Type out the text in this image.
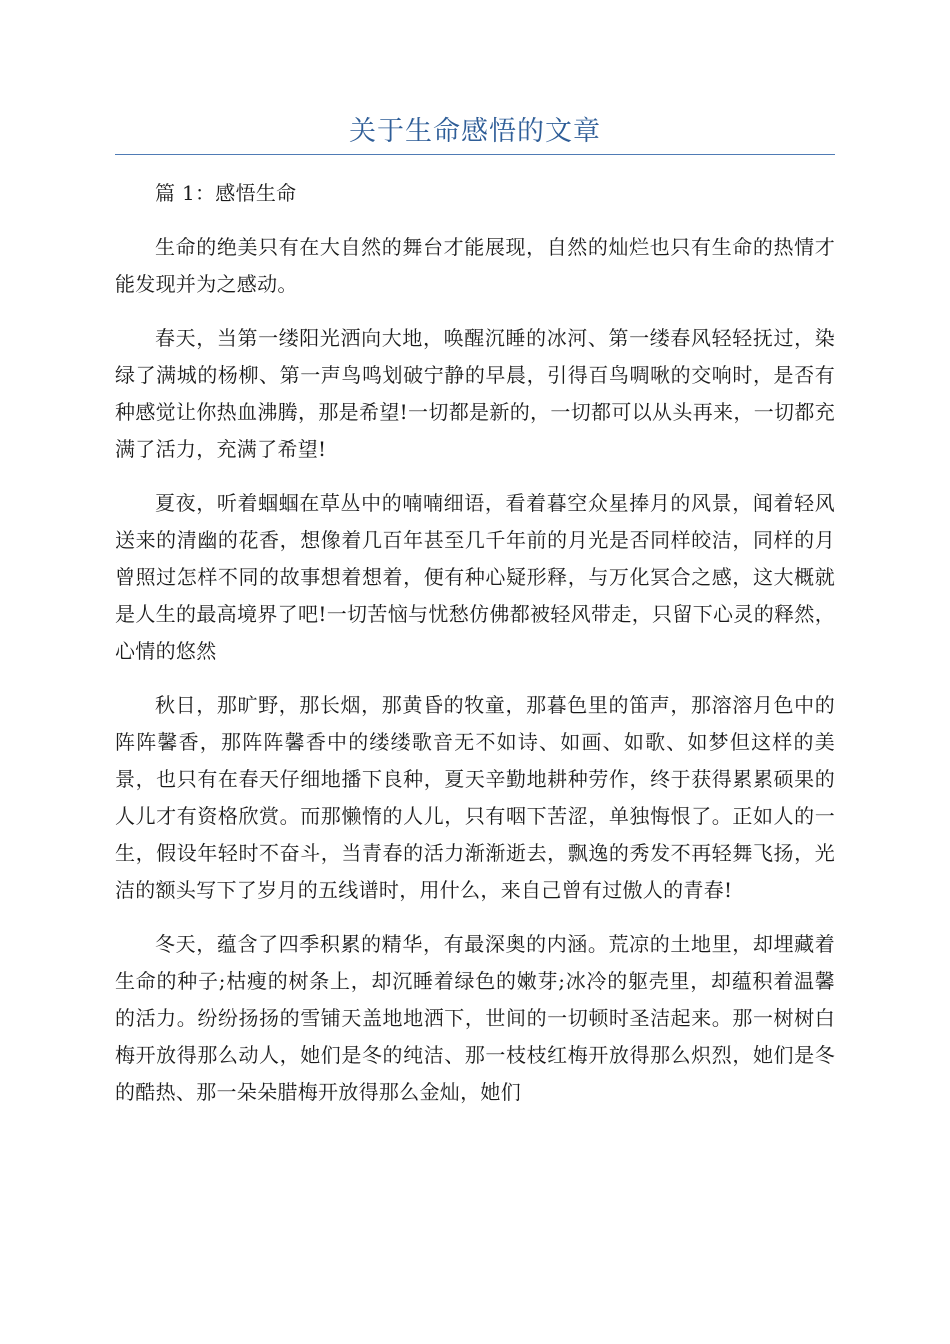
关于生命感悟的文章

篇 1：感悟生命

生命的绝美只有在大自然的舞台才能展现，自然的灿烂也只有生命的热情才能发现并为之感动。

春天，当第一缕阳光洒向大地，唤醒沉睡的冰河、第一缕春风轻轻抚过，染绿了满城的杨柳、第一声鸟鸣划破宁静的早晨，引得百鸟啁啾的交响时，是否有种感觉让你热血沸腾，那是希望!一切都是新的，一切都可以从头再来，一切都充满了活力，充满了希望!

夏夜，听着蝈蝈在草丛中的喃喃细语，看着暮空众星捧月的风景，闻着轻风送来的清幽的花香，想像着几百年甚至几千年前的月光是否同样皎洁，同样的月曾照过怎样不同的故事想着想着，便有种心疑形释，与万化冥合之感，这大概就是人生的最高境界了吧!一切苦恼与忧愁仿佛都被轻风带走，只留下心灵的释然，心情的悠然

秋日，那旷野，那长烟，那黄昏的牧童，那暮色里的笛声，那溶溶月色中的阵阵馨香，那阵阵馨香中的缕缕歌音无不如诗、如画、如歌、如梦但这样的美景，也只有在春天仔细地播下良种，夏天辛勤地耕种劳作，终于获得累累硕果的人儿才有资格欣赏。而那懒惰的人儿，只有咽下苦涩，单独悔恨了。正如人的一生，假设年轻时不奋斗，当青春的活力渐渐逝去，飘逸的秀发不再轻舞飞扬，光洁的额头写下了岁月的五线谱时，用什么，来自己曾有过傲人的青春!

冬天，蕴含了四季积累的精华，有最深奥的内涵。荒凉的土地里，却埋藏着生命的种子;枯瘦的树条上，却沉睡着绿色的嫩芽;冰冷的躯壳里，却蕴积着温馨的活力。纷纷扬扬的雪铺天盖地地洒下，世间的一切顿时圣洁起来。那一树树白梅开放得那么动人，她们是冬的纯洁、那一枝枝红梅开放得那么炽烈，她们是冬的酷热、那一朵朵腊梅开放得那么金灿，她们
